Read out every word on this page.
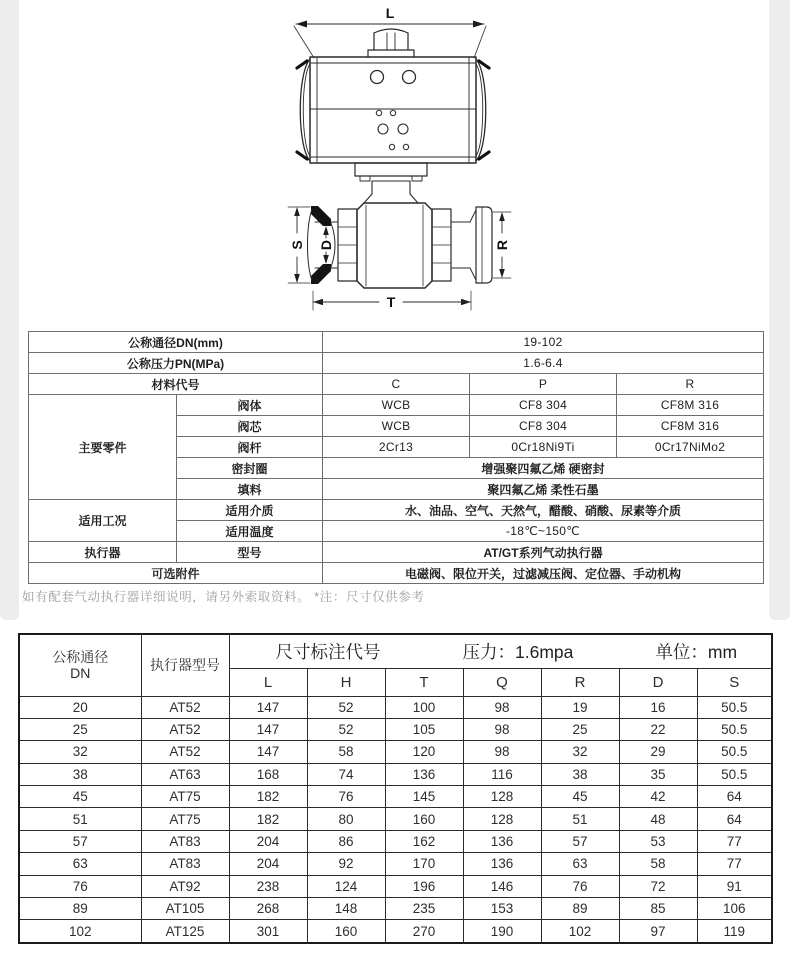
L
S D	R
T
公称通径DN(mm)		19-102		
公称压力PN(MPa)		1.6-6.4		
材料代号		C	P	R
主要零件	阀体	WCB	CF8 304	CF8M 316
	阀芯	WCB	CF8 304	CF8M 316
	阀杆	2Cr13	0Cr18Ni9Ti	0Cr17NiMo2
	密封圈	增强聚四氟乙烯 硬密封		
	填料	聚四氟乙烯 柔性石墨		
适用工况	适用介质	水、油品、空气、天然气，醋酸、硝酸、尿素等介质		
	适用温度	-18℃~150℃		
执行器	型号	AT/GT系列气动执行器		
可选附件		电磁阀、限位开关，过滤减压阀、定位器、手动机构		
如有配套气动执行器详细说明，请另外索取资料。 *注：尺寸仅供参考
公称通径
DN	执行器型号	尺寸标注代号 压力：1.6mpa 单位：mm						

		L	H	T	Q	R	D	S
20	AT52	147	52	100	98	19	16	50.5
25	AT52	147	52	105	98	25	22	50.5
32	AT52	147	58	120	98	32	29	50.5
38	AT63	168	74	136	116	38	35	50.5
45	AT75	182	76	145	128	45	42	64
51	AT75	182	80	160	128	51	48	64
57	AT83	204	86	162	136	57	53	77
63	AT83	204	92	170	136	63	58	77
76	AT92	238	124	196	146	76	72	91
89	AT105	268	148	235	153	89	85	106
102	AT125	301	160	270	190	102	97	119
